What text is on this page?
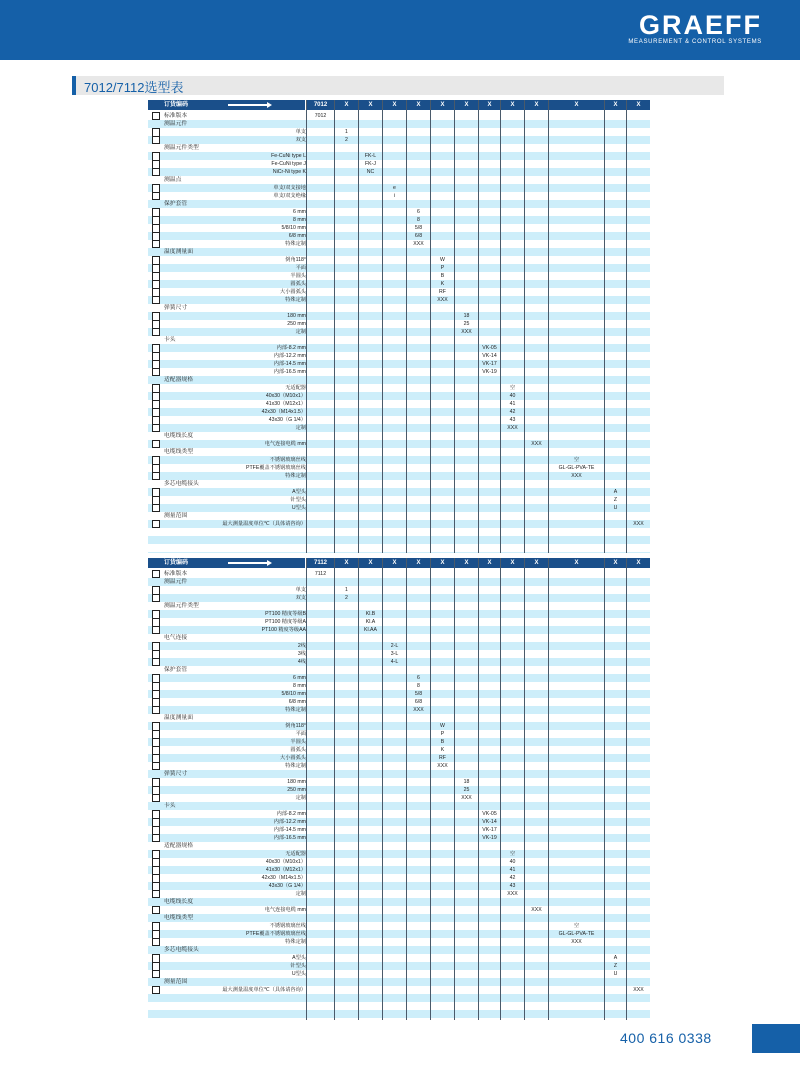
GRAEFF
MEASUREMENT & CONTROL SYSTEMS
7012/7112选型表
订货编码	7012	X	X	X	X	X	X	X	X	X	X	X	X
标准版本	7012
测温元件
单支	1
双支	2
测温元件类型
Fe-CuNi type L	FK-L
Fe-CuNi type J	FK-J
NiCr-Ni type K	NC
测温点
单支/双支接地	e
单支/双支绝缘	i
保护套管
6 mm	6
8 mm	8
5/8/10 mm	5/8
6/8 mm	6/8
特殊定制	XXX
温度测量面
倒角118°	W
平面	P
半圆头	B
圆弧头	K
大小圆弧头	RF
特殊定制	XXX
弹簧尺寸
180 mm	18
250 mm	25
定制	XXX
卡头
内部-8.2 mm	VK-05
内部-12.2 mm	VK-14
内部-14.5 mm	VK-17
内部-16.5 mm	VK-19
适配器规格
无适配器	空
40x30（M10x1）	40
41x30（M12x1）	41
42x30（M14x1.5）	42
43x30（G 1/4）	43
定制	XXX
电缆线长度
电气连接电缆 mm	XXX
电缆线类型
不锈钢玻璃丝线	空
PTFE覆盖不锈钢玻璃丝线	GL-GL-PVA-TE
特殊定制	XXX
多芯电缆接头
A型头	A
针型头	Z
U型头	U
测量范围
最大测量温度单位℃（具体请咨询）	XXX
订货编码	7112	X	X	X	X	X	X	X	X	X	X	X	X
标准版本	7112
测温元件
单支	1
双支	2
测温元件类型
PT100 精度等级B	Kl.B
PT100 精度等级A	Kl.A
PT100 精度等级AA	Kl.AA
电气连接
2线	2-L
3线	3-L
4线	4-L
保护套管
6 mm	6
8 mm	8
5/8/10 mm	5/8
6/8 mm	6/8
特殊定制	XXX
温度测量面
倒角118°	W
平面	P
半圆头	B
圆弧头	K
大小圆弧头	RF
特殊定制	XXX
弹簧尺寸
180 mm	18
250 mm	25
定制	XXX
卡头
内部-8.2 mm	VK-05
内部-12.2 mm	VK-14
内部-14.5 mm	VK-17
内部-16.5 mm	VK-19
适配器规格
无适配器	空
40x30（M10x1）	40
41x30（M12x1）	41
42x30（M14x1.5）	42
43x30（G 1/4）	43
定制	XXX
电缆线长度
电气连接电缆 mm	XXX
电缆线类型
不锈钢玻璃丝线	空
PTFE覆盖不锈钢玻璃丝线	GL-GL-PVA-TE
特殊定制	XXX
多芯电缆接头
A型头	A
针型头	Z
U型头	U
测量范围
最大测量温度单位℃（具体请咨询）	XXX
400 616 0338
